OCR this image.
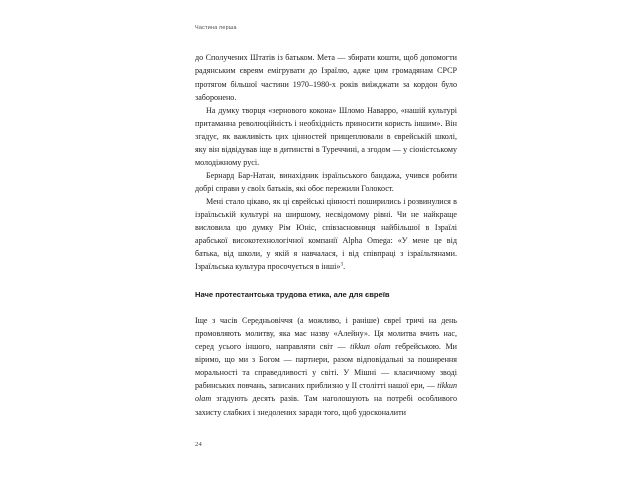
Частина перша

до Сполучених Штатів із батьком. Мета — збирати кошти, щоб допомогти радянським євреям емігрувати до Ізраїлю, адже цим громадянам СРСР протягом більшої частини 1970–1980-х років виїжджати за кордон було заборонено.

На думку творця «зернового кокона» Шломо Наварро, «нашій культурі притаманна революційність і необхідність приносити користь іншим». Він згадує, як важливість цих цінностей прищеплювали в єврейській школі, яку він відвідував іще в дитинстві в Туреччині, а згодом — у сіоністському молодіжному русі.

Бернард Бар-Натан, винахідник ізраїльського бандажа, учився робити добрі справи у своїх батьків, які обоє пережили Голокост.

Мені стало цікаво, як ці єврейські цінності поширились і розвинулися в ізраїльській культурі на ширшому, несвідомому рівні. Чи не найкраще висловила цю думку Рім Юніс, співзасновниця найбільшої в Ізраїлі арабської високотехнологічної компанії Alpha Omega: «У мене це від батька, від школи, у якій я навчалася, і від співпраці з ізраїльтянами. Ізраїльська культура просочується в інші»$^3$.

Наче протестантська трудова етика, але для євреїв

Іще з часів Середньовіччя (а можливо, і раніше) євреї тричі на день промовляють молитву, яка має назву «Алейну». Ця молитва вчить нас, серед усього іншого, направляти світ — tikkun olam гебрейською. Ми віримо, що ми з Богом — партнери, разом відповідальні за поширення моральності та справедливості у світі. У Мішні — класичному зводі рабинських повчань, записаних приблизно у ІІ столітті нашої ери, — tikkun olam згадують десять разів. Там наголошують на потребі особливого захисту слабких і знедолених заради того, щоб удосконалити

24
